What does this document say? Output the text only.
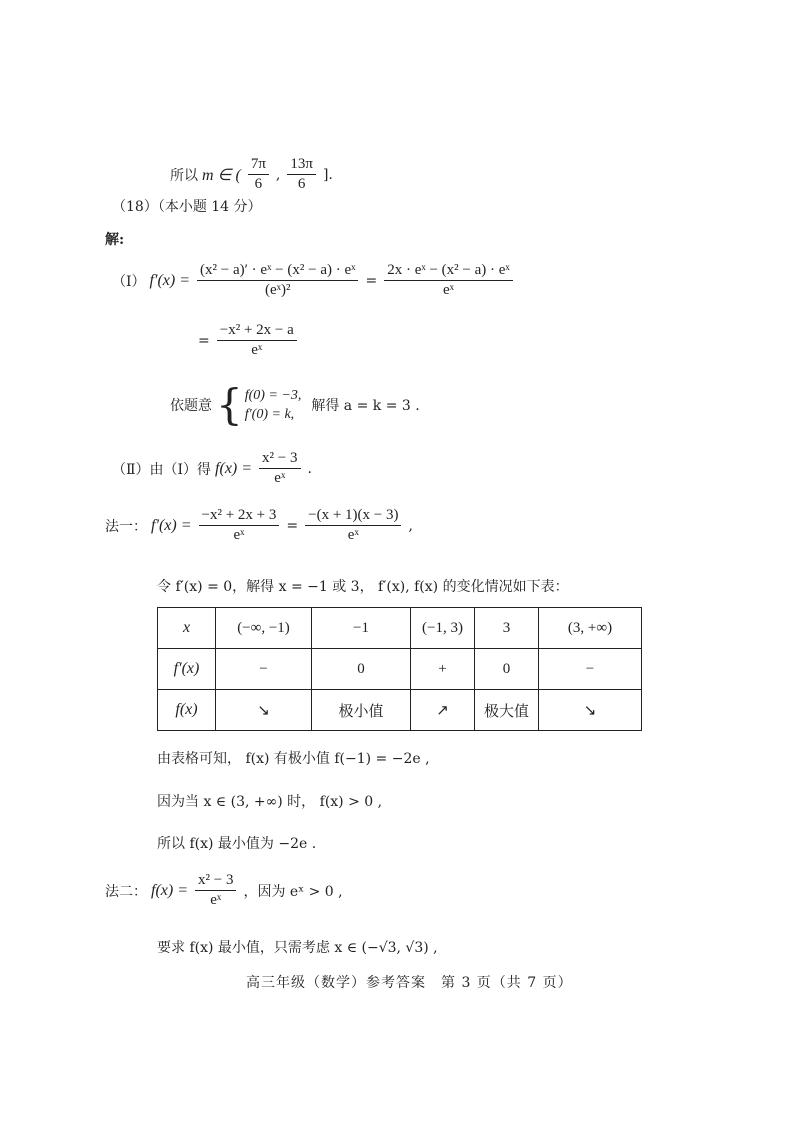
所以 m ∈ ( $\frac{7\pi}{6}$ , $\frac{13\pi}{6}$ ].
（18）（本小题 14 分）
解:
（Ⅰ） $f'(x) = \frac{\text{(x² − a)′ · eˣ − (x² − a) · eˣ}}{\text{(eˣ)²}} = \frac{\text{2x · eˣ − (x² − a) · eˣ}}{\text{eˣ}}$
= $\frac{\text{−x² + 2x − a}}{\text{eˣ}}$
依题意 { f(0) = −3,
f′(0) = k,
解得 a = k = 3 .
（Ⅱ）由（Ⅰ）得 $f(x) = \frac{\text{x² − 3}}{\text{eˣ}}$ .
法一： $f'(x) = \frac{\text{−x² + 2x + 3}}{\text{eˣ}} = \frac{-(x + 1)(x - 3)}{\text{eˣ}}$ ,
令 f′(x) = 0，解得 x = −1 或 3， f′(x), f(x) 的变化情况如下表：
x	(−∞, −1)	−1	(−1, 3)	3	(3, +∞)
f′(x)	−	0	+	0	−
f(x)	↘	极小值	↗	极大值	↘
由表格可知， f(x) 有极小值 f(−1) = −2e ,
因为当 x ∈ (3, +∞) 时， f(x) > 0 ,
所以 f(x) 最小值为 −2e .
法二： $f(x) = \frac{\text{x² − 3}}{\text{eˣ}}$ ，因为 eˣ > 0 ,
要求 f(x) 最小值，只需考虑 x ∈ (−√3, √3) ,
高三年级（数学）参考答案　第 3 页（共 7 页）
